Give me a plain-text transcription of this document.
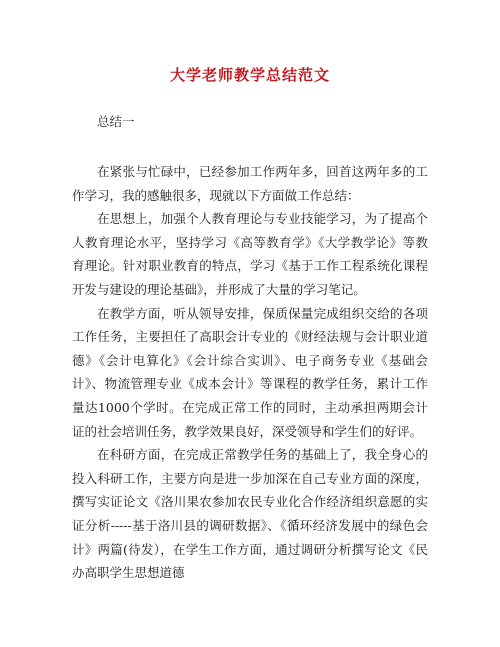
大学老师教学总结范文
总结一

在紧张与忙碌中，已经参加工作两年多，回首这两年多的工作学习，我的感触很多，现就以下方面做工作总结：

在思想上，加强个人教育理论与专业技能学习，为了提高个人教育理论水平，坚持学习《高等教育学》《大学教学论》等教育理论。针对职业教育的特点，学习《基于工作工程系统化课程开发与建设的理论基础》，并形成了大量的学习笔记。

在教学方面，听从领导安排，保质保量完成组织交给的各项工作任务，主要担任了高职会计专业的《财经法规与会计职业道德》《会计电算化》《会计综合实训》、电子商务专业《基础会计》、物流管理专业《成本会计》等课程的教学任务，累计工作量达1000个学时。在完成正常工作的同时，主动承担两期会计证的社会培训任务，教学效果良好，深受领导和学生们的好评。

在科研方面，在完成正常教学任务的基础上了，我全身心的投入科研工作，主要方向是进一步加深在自己专业方面的深度，撰写实证论文《洛川果农参加农民专业化合作经济组织意愿的实证分析-----基于洛川县的调研数据》、《循环经济发展中的绿色会计》两篇(待发），在学生工作方面，通过调研分析撰写论文《民办高职学生思想道德
